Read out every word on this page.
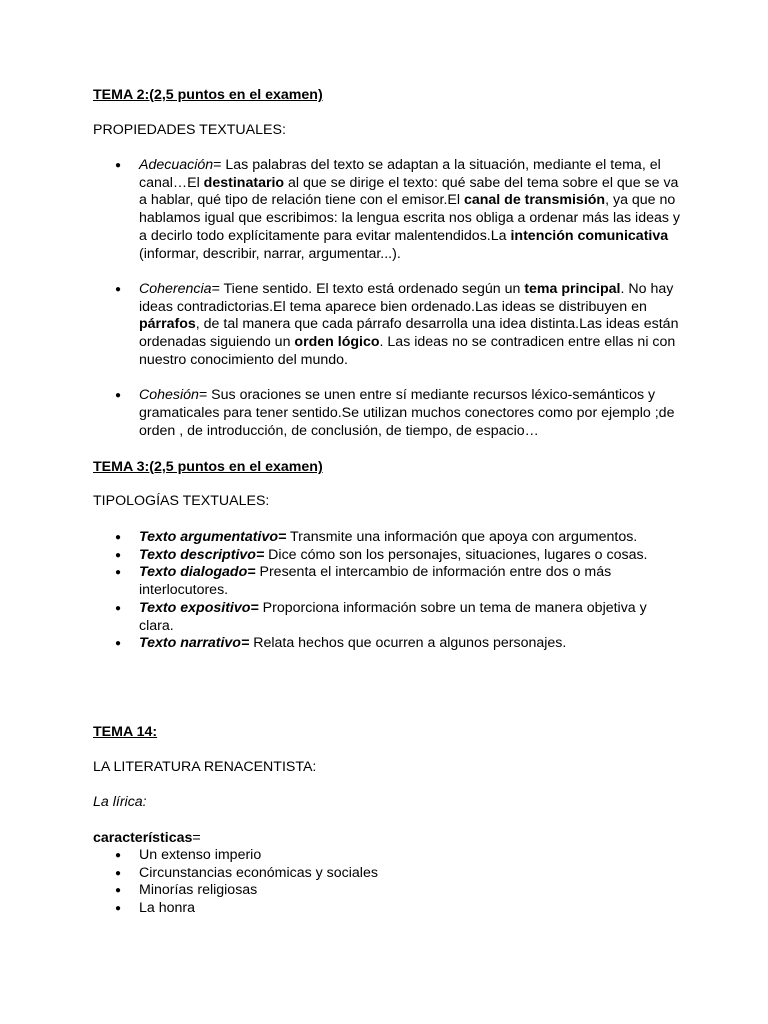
TEMA 2:(2,5 puntos en el examen)

PROPIEDADES TEXTUALES:

● Adecuación= Las palabras del texto se adaptan a la situación, mediante el tema, el canal…El destinatario al que se dirige el texto: qué sabe del tema sobre el que se va a hablar, qué tipo de relación tiene con el emisor.El canal de transmisión, ya que no hablamos igual que escribimos: la lengua escrita nos obliga a ordenar más las ideas y a decirlo todo explícitamente para evitar malentendidos.La intención comunicativa (informar, describir, narrar, argumentar...).
● Coherencia= Tiene sentido. El texto está ordenado según un tema principal. No hay ideas contradictorias.El tema aparece bien ordenado.Las ideas se distribuyen en párrafos, de tal manera que cada párrafo desarrolla una idea distinta.Las ideas están ordenadas siguiendo un orden lógico. Las ideas no se contradicen entre ellas ni con nuestro conocimiento del mundo.
● Cohesión= Sus oraciones se unen entre sí mediante recursos léxico-semánticos y gramaticales para tener sentido.Se utilizan muchos conectores como por ejemplo ;de orden , de introducción, de conclusión, de tiempo, de espacio…

TEMA 3:(2,5 puntos en el examen)

TIPOLOGÍAS TEXTUALES:

● Texto argumentativo= Transmite una información que apoya con argumentos.
● Texto descriptivo= Dice cómo son los personajes, situaciones, lugares o cosas.
● Texto dialogado= Presenta el intercambio de información entre dos o más interlocutores.
● Texto expositivo= Proporciona información sobre un tema de manera objetiva y clara.
● Texto narrativo= Relata hechos que ocurren a algunos personajes.

TEMA 14:

LA LITERATURA RENACENTISTA:

La lírica:

características=

● Un extenso imperio
● Circunstancias económicas y sociales
● Minorías religiosas
● La honra
